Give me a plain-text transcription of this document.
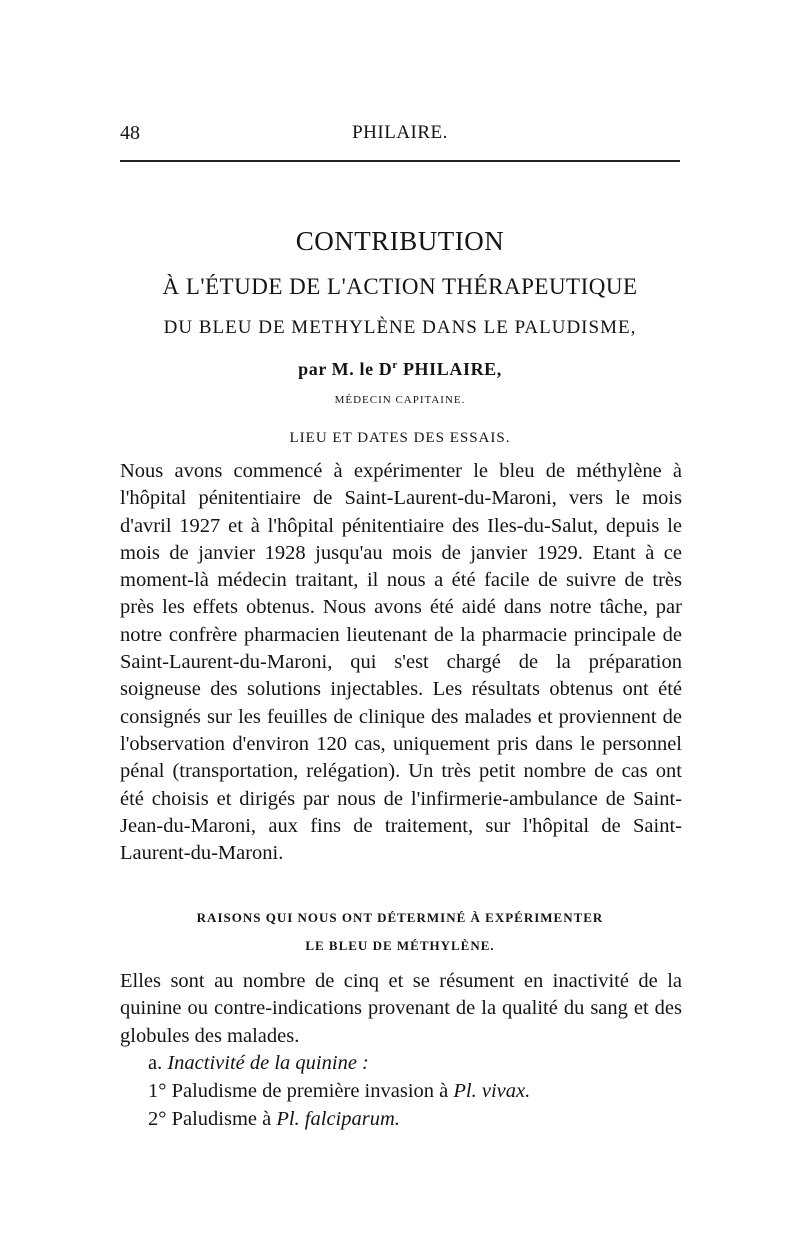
48	PHILAIRE.
CONTRIBUTION
À L'ÉTUDE DE L'ACTION THÉRAPEUTIQUE
DU BLEU DE METHYLÈNE DANS LE PALUDISME,
par M. le $D^r$ PHILAIRE,
MÉDECIN CAPITAINE.
LIEU ET DATES DES ESSAIS.
Nous avons commencé à expérimenter le bleu de méthylène à l'hôpital pénitentiaire de Saint-Laurent-du-Maroni, vers le mois d'avril 1927 et à l'hôpital pénitentiaire des Iles-du-Salut, depuis le mois de janvier 1928 jusqu'au mois de janvier 1929. Etant à ce moment-là médecin traitant, il nous a été facile de suivre de très près les effets obtenus. Nous avons été aidé dans notre tâche, par notre confrère pharmacien lieutenant de la pharmacie principale de Saint-Laurent-du-Maroni, qui s'est chargé de la préparation soigneuse des solutions injectables. Les résultats obtenus ont été consignés sur les feuilles de clinique des malades et proviennent de l'observation d'environ 120 cas, uniquement pris dans le personnel pénal (transportation, relégation). Un très petit nombre de cas ont été choisis et dirigés par nous de l'infirmerie-ambulance de Saint-Jean-du-Maroni, aux fins de traitement, sur l'hôpital de Saint-Laurent-du-Maroni.
RAISONS QUI NOUS ONT DÉTERMINÉ À EXPÉRIMENTER
LE BLEU DE MÉTHYLÈNE.
Elles sont au nombre de cinq et se résument en inactivité de la quinine ou contre-indications provenant de la qualité du sang et des globules des malades.
a. Inactivité de la quinine :
1° Paludisme de première invasion à Pl. vivax.
2° Paludisme à Pl. falciparum.
